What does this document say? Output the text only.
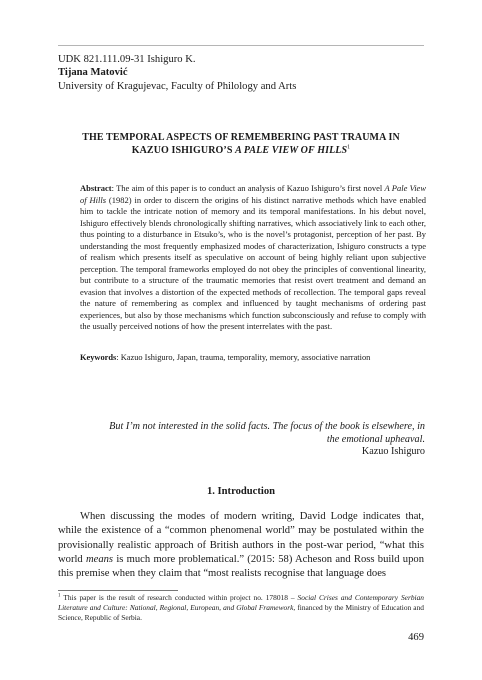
UDK 821.111.09-31 Ishiguro K.
Tijana Matović
University of Kragujevac, Faculty of Philology and Arts
THE TEMPORAL ASPECTS OF REMEMBERING PAST TRAUMA IN
KAZUO ISHIGURO’S A PALE VIEW OF HILLS$^1$
Abstract: The aim of this paper is to conduct an analysis of Kazuo Ishiguro’s first novel A Pale View of Hills (1982) in order to discern the origins of his distinct narrative methods which have enabled him to tackle the intricate notion of memory and its temporal manifestations. In his debut novel, Ishiguro effectively blends chronologically shifting narratives, which associatively link to each other, thus pointing to a disturbance in Etsuko’s, who is the novel’s protagonist, perception of her past. By understanding the most frequently emphasized modes of characterization, Ishiguro constructs a type of realism which presents itself as speculative on account of being highly reliant upon subjective perception. The temporal frameworks employed do not obey the principles of conventional linearity, but contribute to a structure of the traumatic memories that resist overt treatment and demand an evasion that involves a distortion of the expected methods of recollection. The temporal gaps reveal the nature of remembering as complex and influenced by taught mechanisms of ordering past experiences, but also by those mechanisms which function subconsciously and refuse to comply with the usually perceived notions of how the present interrelates with the past.
Keywords: Kazuo Ishiguro, Japan, trauma, temporality, memory, associative narration
But I’m not interested in the solid facts. The focus of the book is elsewhere, in
the emotional upheaval.
Kazuo Ishiguro
1. Introduction
When discussing the modes of modern writing, David Lodge indicates that, while the existence of a “common phenomenal world” may be postulated within the provisionally realistic approach of British authors in the post-war period, “what this world means is much more problematical.” (2015: 58) Acheson and Ross build upon this premise when they claim that “most realists recognise that language does
$^1$ This paper is the result of research conducted within project no. 178018 – Social Crises and Contemporary Serbian Literature and Culture: National, Regional, European, and Global Framework, financed by the Ministry of Education and Science, Republic of Serbia.
469
